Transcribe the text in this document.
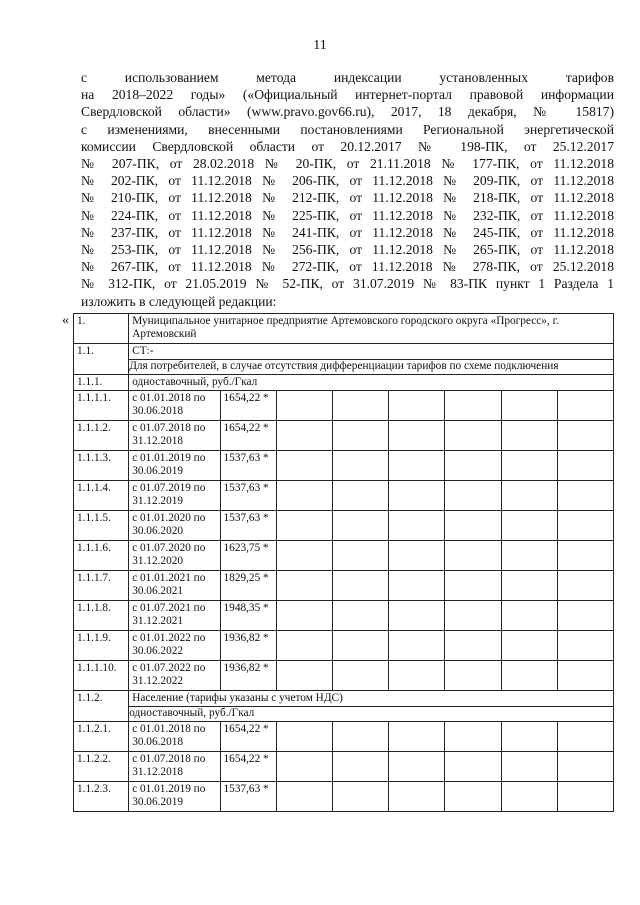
11
с использованием метода индексации установленных тарифов
на 2018–2022 годы» («Официальный интернет-портал правовой информации
Свердловской области» (www.pravo.gov66.ru), 2017, 18 декабря, № 15817)
с изменениями, внесенными постановлениями Региональной энергетической
комиссии Свердловской области от 20.12.2017 № 198-ПК, от 25.12.2017
№ 207-ПК, от 28.02.2018 № 20-ПК, от 21.11.2018 № 177-ПК, от 11.12.2018
№ 202-ПК, от 11.12.2018 № 206-ПК, от 11.12.2018 № 209-ПК, от 11.12.2018
№ 210-ПК, от 11.12.2018 № 212-ПК, от 11.12.2018 № 218-ПК, от 11.12.2018
№ 224-ПК, от 11.12.2018 № 225-ПК, от 11.12.2018 № 232-ПК, от 11.12.2018
№ 237-ПК, от 11.12.2018 № 241-ПК, от 11.12.2018 № 245-ПК, от 11.12.2018
№ 253-ПК, от 11.12.2018 № 256-ПК, от 11.12.2018 № 265-ПК, от 11.12.2018
№ 267-ПК, от 11.12.2018 № 272-ПК, от 11.12.2018 № 278-ПК, от 25.12.2018
№ 312-ПК, от 21.05.2019 № 52-ПК, от 31.07.2019 № 83-ПК пункт 1 Раздела 1
изложить в следующей редакции:
« 1.	Муниципальное унитарное предприятие Артемовского городского округа «Прогресс», г. Артемовский							
1.1.	СТ:-
Для потребителей, в случае отсутствия дифференциации тарифов по схеме подключения							

1.1.1.	одноставочный, руб./Гкал							
1.1.1.1.	с 01.01.2018 по 30.06.2018	1654,22 *						
1.1.1.2.	с 01.07.2018 по 31.12.2018	1654,22 *						
1.1.1.3.	с 01.01.2019 по 30.06.2019	1537,63 *						
1.1.1.4.	с 01.07.2019 по 31.12.2019	1537,63 *						
1.1.1.5.	с 01.01.2020 по 30.06.2020	1537,63 *						
1.1.1.6.	с 01.07.2020 по 31.12.2020	1623,75 *						
1.1.1.7.	с 01.01.2021 по 30.06.2021	1829,25 *						
1.1.1.8.	с 01.07.2021 по 31.12.2021	1948,35 *						
1.1.1.9.	с 01.01.2022 по 30.06.2022	1936,82 *						
1.1.1.10.	с 01.07.2022 по 31.12.2022	1936,82 *						
1.1.2.	Население (тарифы указаны с учетом НДС)
одноставочный, руб./Гкал							

1.1.2.1.	с 01.01.2018 по 30.06.2018	1654,22 *						
1.1.2.2.	с 01.07.2018 по 31.12.2018	1654,22 *						
1.1.2.3.	с 01.01.2019 по 30.06.2019	1537,63 *						
